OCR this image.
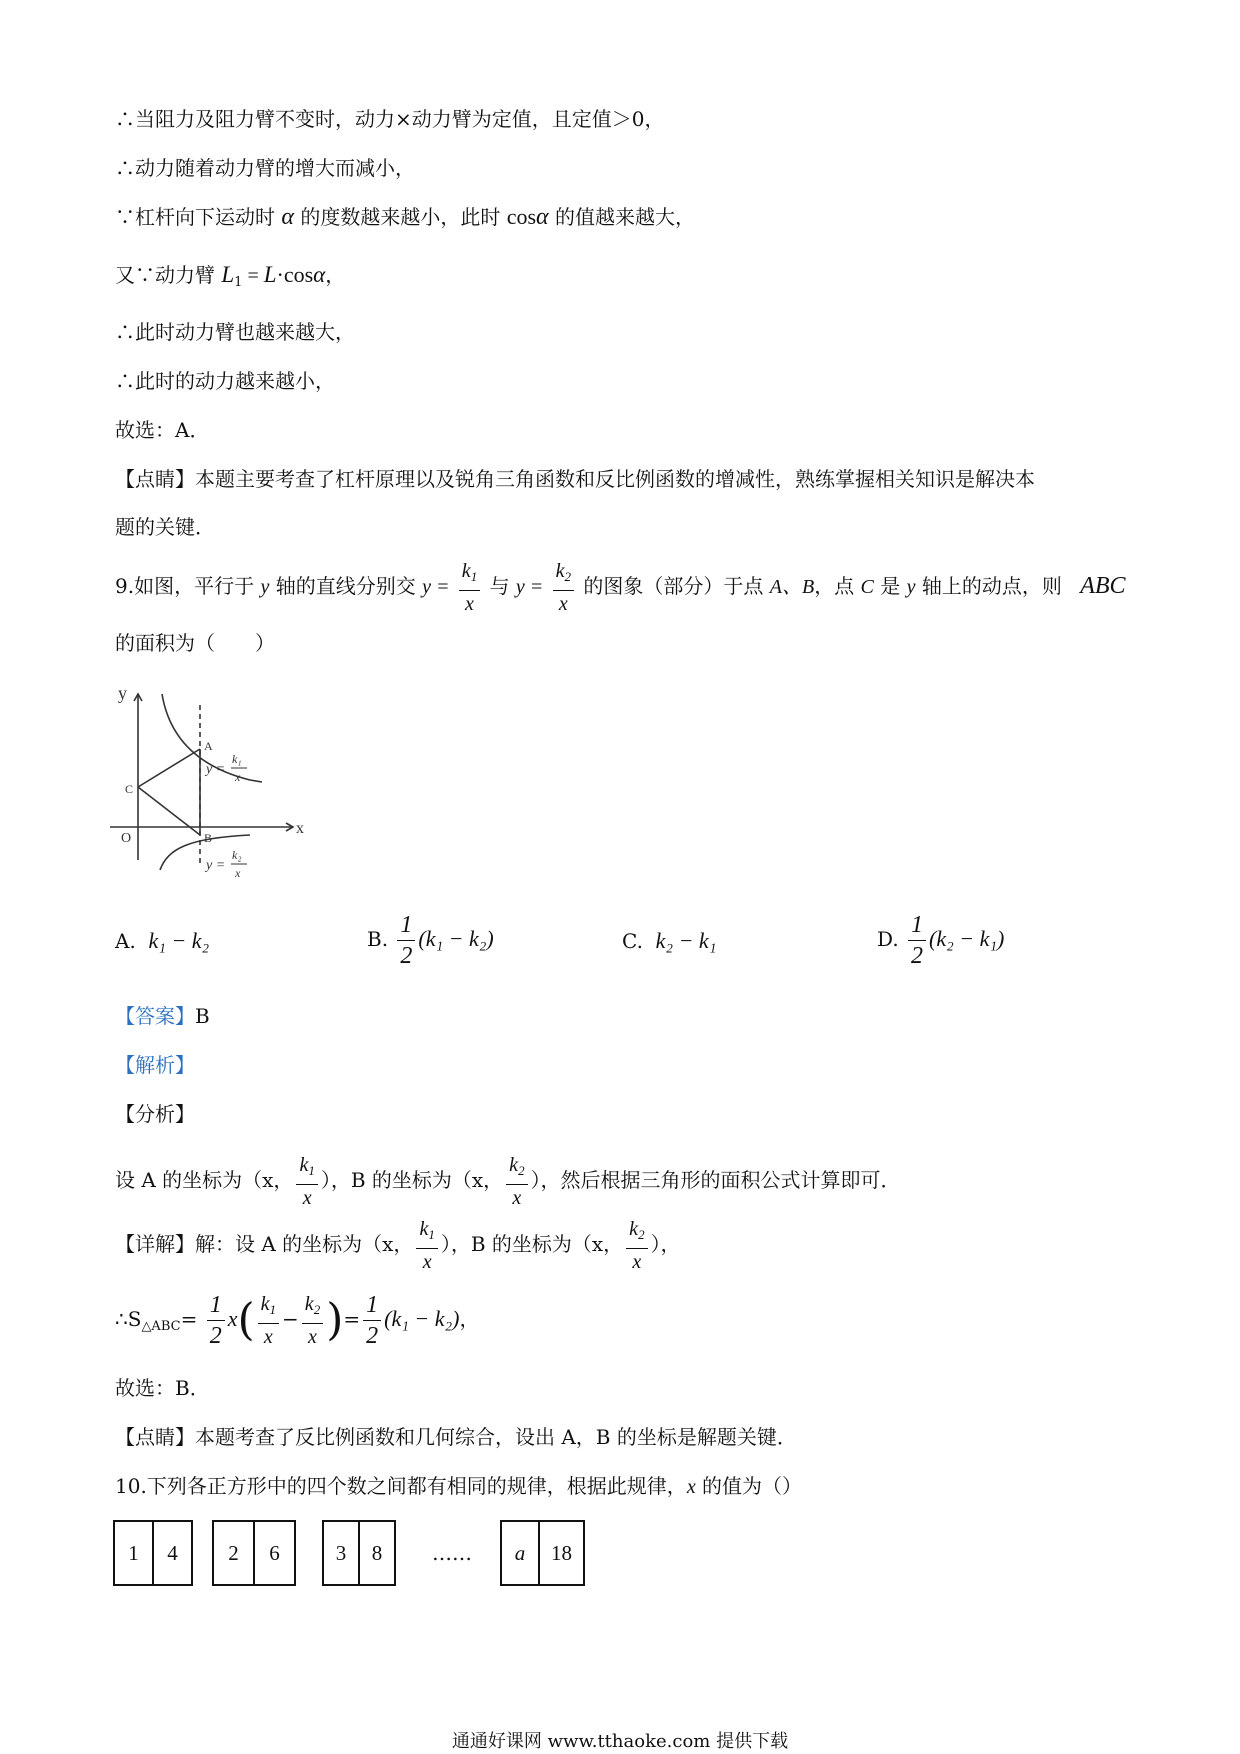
∴当阻力及阻力臂不变时，动力×动力臂为定值，且定值＞0，
∴动力随着动力臂的增大而减小，
∵杠杆向下运动时 α 的度数越来越小，此时 cosα 的值越来越大，
又∵动力臂 $L_1 = L\cdot\cos\alpha$，
∴此时动力臂也越来越大，
∴此时的动力越来越小，
故选：A．
【点睛】本题主要考查了杠杆原理以及锐角三角函数和反比例函数的增减性，熟练掌握相关知识是解决本
题的关键．
9.如图，平行于 y 轴的直线分别交 $y = \frac{k_1}{x}$ 与 $y = \frac{k_2}{x}$ 的图象（部分）于点 A、B，点 C 是 y 轴上的动点，则 ABC
的面积为（　　）
y
x
O
A
B
C
y =
k₁
x
y =
k₂
x
A. k₁ − k₂	B. $\frac{1}{2} (k_1 - k_2)$	C. k₂ − k₁	D. $\frac{1}{2} (k_2 - k_1)$
【答案】B
【解析】
【分析】
设 A 的坐标为（x， $\frac{k_1}{x}$ ），B 的坐标为（x， $\frac{k_2}{x}$ ），然后根据三角形的面积公式计算即可．
【详解】解：设 A 的坐标为（x， $\frac{k_1}{x}$ ），B 的坐标为（x， $\frac{k_2}{x}$ ），
$\therefore S_{\triangle ABC}= \frac{1}{2} x( \frac{k_1}{x} - \frac{k_2}{x}$ )= $\frac{1}{2} (k_1 - k_2)$，
故选：B．
【点睛】本题考查了反比例函数和几何综合，设出 A，B 的坐标是解题关键．
10.下列各正方形中的四个数之间都有相同的规律，根据此规律，x 的值为（）
1	4	2	6	3	8	……	a	18
通通好课网 www.tthaoke.com 提供下载
